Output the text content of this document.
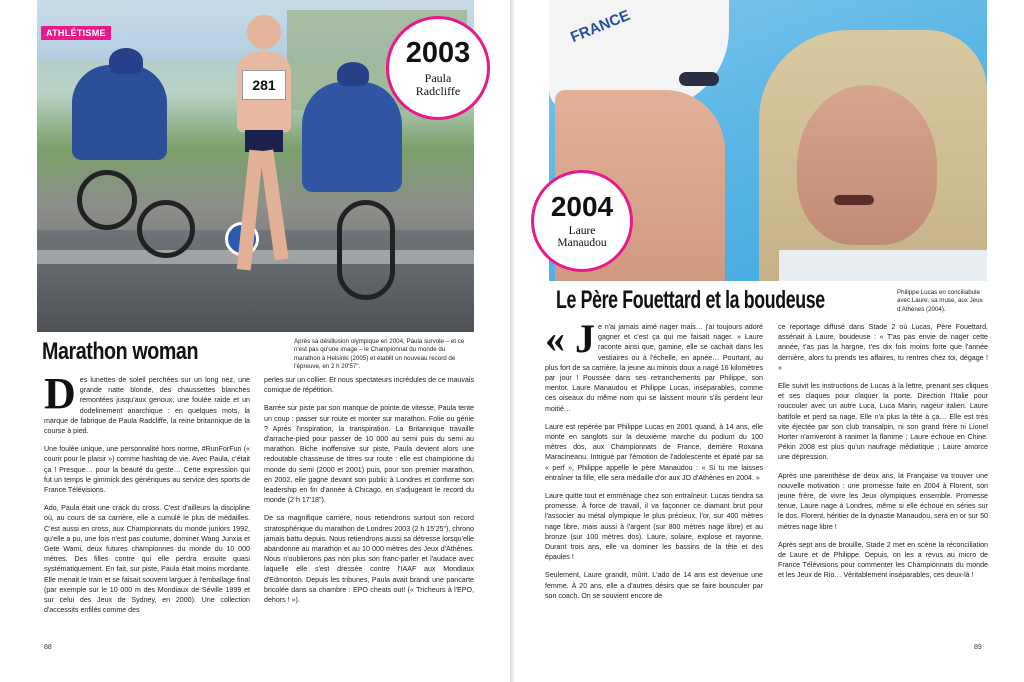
281
ATHLÉTISME
2003
Paula
Radcliffe
Après sa désillusion olympique en 2004, Paula survole – et ce n'est pas qu'une image – le Championnat du monde du marathon à Helsinki (2005) et établit un nouveau record de l'épreuve, en 2 h 20'57".
Marathon woman

Des lunettes de soleil perchées sur un long nez, une grande natte blonde, des chaussettes blanches remontées jusqu'aux genoux, une foulée raide et un dodelinement anarchique : en quelques mots, la marque de fabrique de Paula Radcliffe, la reine britannique de la course à pied.

Une foulée unique, une personnalité hors norme, #RunForFun (« courir pour le plaisir ») comme hashtag de vie. Avec Paula, c'était ça ! Presque… pour la beauté du geste… Cette expression qui fut un temps le gimmick des génériques au service des sports de France Télévisions.

Ado, Paula était une crack du cross. C'est d'ailleurs la discipline où, au cours de sa carrière, elle a cumulé le plus de médailles. C'est aussi en cross, aux Championnats du monde juniors 1992, qu'elle a pu, une fois n'est pas coutume, dominer Wang Junxia et Gete Wami, deux futures championnes du monde du 10 000 mètres. Des filles contre qui elle perdra ensuite quasi systématiquement. En fait, sur piste, Paula était moins mordante. Elle menait le train et se faisait souvent larguer à l'emballage final (par exemple sur le 10 000 m des Mondiaux de Séville 1999 et sur celui des Jeux de Sydney, en 2000). Une collection d'accessits enfilés comme des

perles sur un collier. Et nous spectateurs incrédules de ce mauvais comique de répétition.

Barrée sur piste par son manque de pointe de vitesse, Paula tente un coup : passer sur route et monter sur marathon. Folie ou génie ? Après l'inspiration, la transpiration. La Britannique travaille d'arrache-pied pour passer de 10 000 au semi puis du semi au marathon. Biche inoffensive sur piste, Paula devient alors une redoutable chasseuse de titres sur route : elle est championne du monde du semi (2000 et 2001) puis, pour son premier marathon, en 2002, elle gagne devant son public à Londres et confirme son leadership en fin d'année à Chicago, en s'adjugeant le record du monde (2 h 17'18").

De sa magnifique carrière, nous retiendrons surtout son record stratosphérique du marathon de Londres 2003 (2 h 15'25"), chrono jamais battu depuis. Nous retiendrons aussi sa détresse lorsqu'elle abandonne au marathon et au 10 000 mètres des Jeux d'Athènes. Nous n'oublierons pas non plus son franc-parler et l'audace avec laquelle elle s'est dressée contre l'IAAF aux Mondiaux d'Edmonton. Depuis les tribunes, Paula avait brandi une pancarte bricolée dans sa chambre : EPO cheats out! (« Tricheurs à l'EPO, dehors ! »).

88
FRANCE
2004
Laure
Manaudou
Le Père Fouettard et la boudeuse	Philippe Lucas en conciliabule avec Laure, sa muse, aux Jeux d'Athènes (2004).

« J e n'ai jamais aimé nager mais… j'ai toujours adoré gagner et c'est ça qui me faisait nager. » Laure raconte ainsi que, gamine, elle se cachait dans les vestiaires ou à l'échelle, en apnée… Pourtant, au plus fort de sa carrière, la jeune au minois doux a nagé 16 kilomètres par jour ! Poussée dans ses retranchements par Philippe, son mentor. Laure Manaudou et Philippe Lucas, inséparables, comme ces oiseaux du même nom qui se laissent mourir s'ils perdent leur moitié…

Laure est repérée par Philippe Lucas en 2001 quand, à 14 ans, elle monte en sanglots sur la deuxième marche du podium du 100 mètres dos, aux Championnats de France, derrière Roxana Maracineanu. Intrigué par l'émotion de l'adolescente et épaté par sa « perf », Philippe appelle le père Manaudou : « Si tu me laisses entraîner ta fille, elle sera médaille d'or aux JO d'Athènes en 2004. »

Laure quitte tout et emménage chez son entraîneur. Lucas tiendra sa promesse. À force de travail, il va façonner ce diamant brut pour l'associer au métal olympique le plus précieux, l'or, sur 400 mètres nage libre, mais aussi à l'argent (sur 800 mètres nage libre) et au bronze (sur 100 mètres dos). Laure, solaire, explose et rayonne. Durant trois ans, elle va dominer les bassins de la tête et des épaules !

Seulement, Laure grandit, mûrit. L'ado de 14 ans est devenue une femme. À 20 ans, elle a d'autres désirs que se faire bousculer par son coach. On se souvient encore de

ce reportage diffusé dans Stade 2 où Lucas, Père Fouettard, assénait à Laure, boudeuse : « T'as pas envie de nager cette année, t'as pas la hargne, t'es dix fois moins forte que l'année dernière, alors tu prends tes affaires, tu rentres chez toi, dégage ! »

Elle suivit les instructions de Lucas à la lettre, prenant ses cliques et ses claques pour claquer la porte. Direction l'Italie pour roucouler avec un autre Luca, Luca Marin, nageur italien. Laure batifole et perd sa nage. Elle n'a plus la tête à ça… Elle est très vite éjectée par son club transalpin, ni son grand frère ni Lionel Horter n'arriveront à ranimer la flamme ; Laure échoue en Chine. Pékin 2008 est plus qu'un naufrage médiatique ; Laure amorce une dépression.

Après une parenthèse de deux ans, la Française va trouver une nouvelle motivation : une promesse faite en 2004 à Florent, son jeune frère, de vivre les Jeux olympiques ensemble. Promesse tenue, Laure nage à Londres, même si elle échoue en séries sur le dos. Florent, héritier de la dynastie Manaudou, sera en or sur 50 mètres nage libre !

Après sept ans de brouille, Stade 2 met en scène la réconciliation de Laure et de Philippe. Depuis, on les a revus au micro de France Télévisions pour commenter les Championnats du monde et les Jeux de Rio… Véritablement inséparables, ces deux-là !

89
